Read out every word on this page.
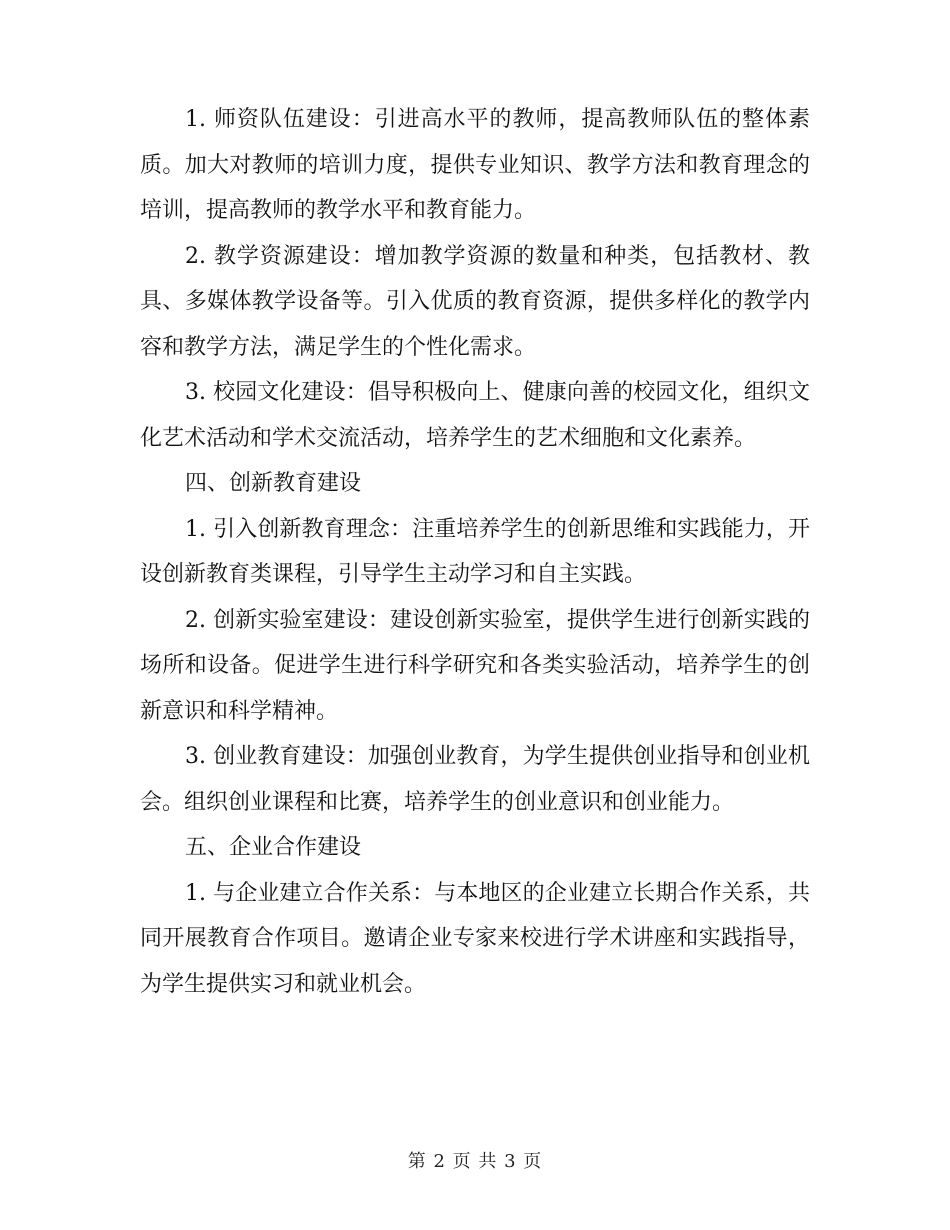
1. 师资队伍建设：引进高水平的教师，提高教师队伍的整体素质。加大对教师的培训力度，提供专业知识、教学方法和教育理念的培训，提高教师的教学水平和教育能力。

2. 教学资源建设：增加教学资源的数量和种类，包括教材、教具、多媒体教学设备等。引入优质的教育资源，提供多样化的教学内容和教学方法，满足学生的个性化需求。

3. 校园文化建设：倡导积极向上、健康向善的校园文化，组织文化艺术活动和学术交流活动，培养学生的艺术细胞和文化素养。

四、创新教育建设

1. 引入创新教育理念：注重培养学生的创新思维和实践能力，开设创新教育类课程，引导学生主动学习和自主实践。

2. 创新实验室建设：建设创新实验室，提供学生进行创新实践的场所和设备。促进学生进行科学研究和各类实验活动，培养学生的创新意识和科学精神。

3. 创业教育建设：加强创业教育，为学生提供创业指导和创业机会。组织创业课程和比赛，培养学生的创业意识和创业能力。

五、企业合作建设

1. 与企业建立合作关系：与本地区的企业建立长期合作关系，共同开展教育合作项目。邀请企业专家来校进行学术讲座和实践指导，为学生提供实习和就业机会。

第 2 页 共 3 页
